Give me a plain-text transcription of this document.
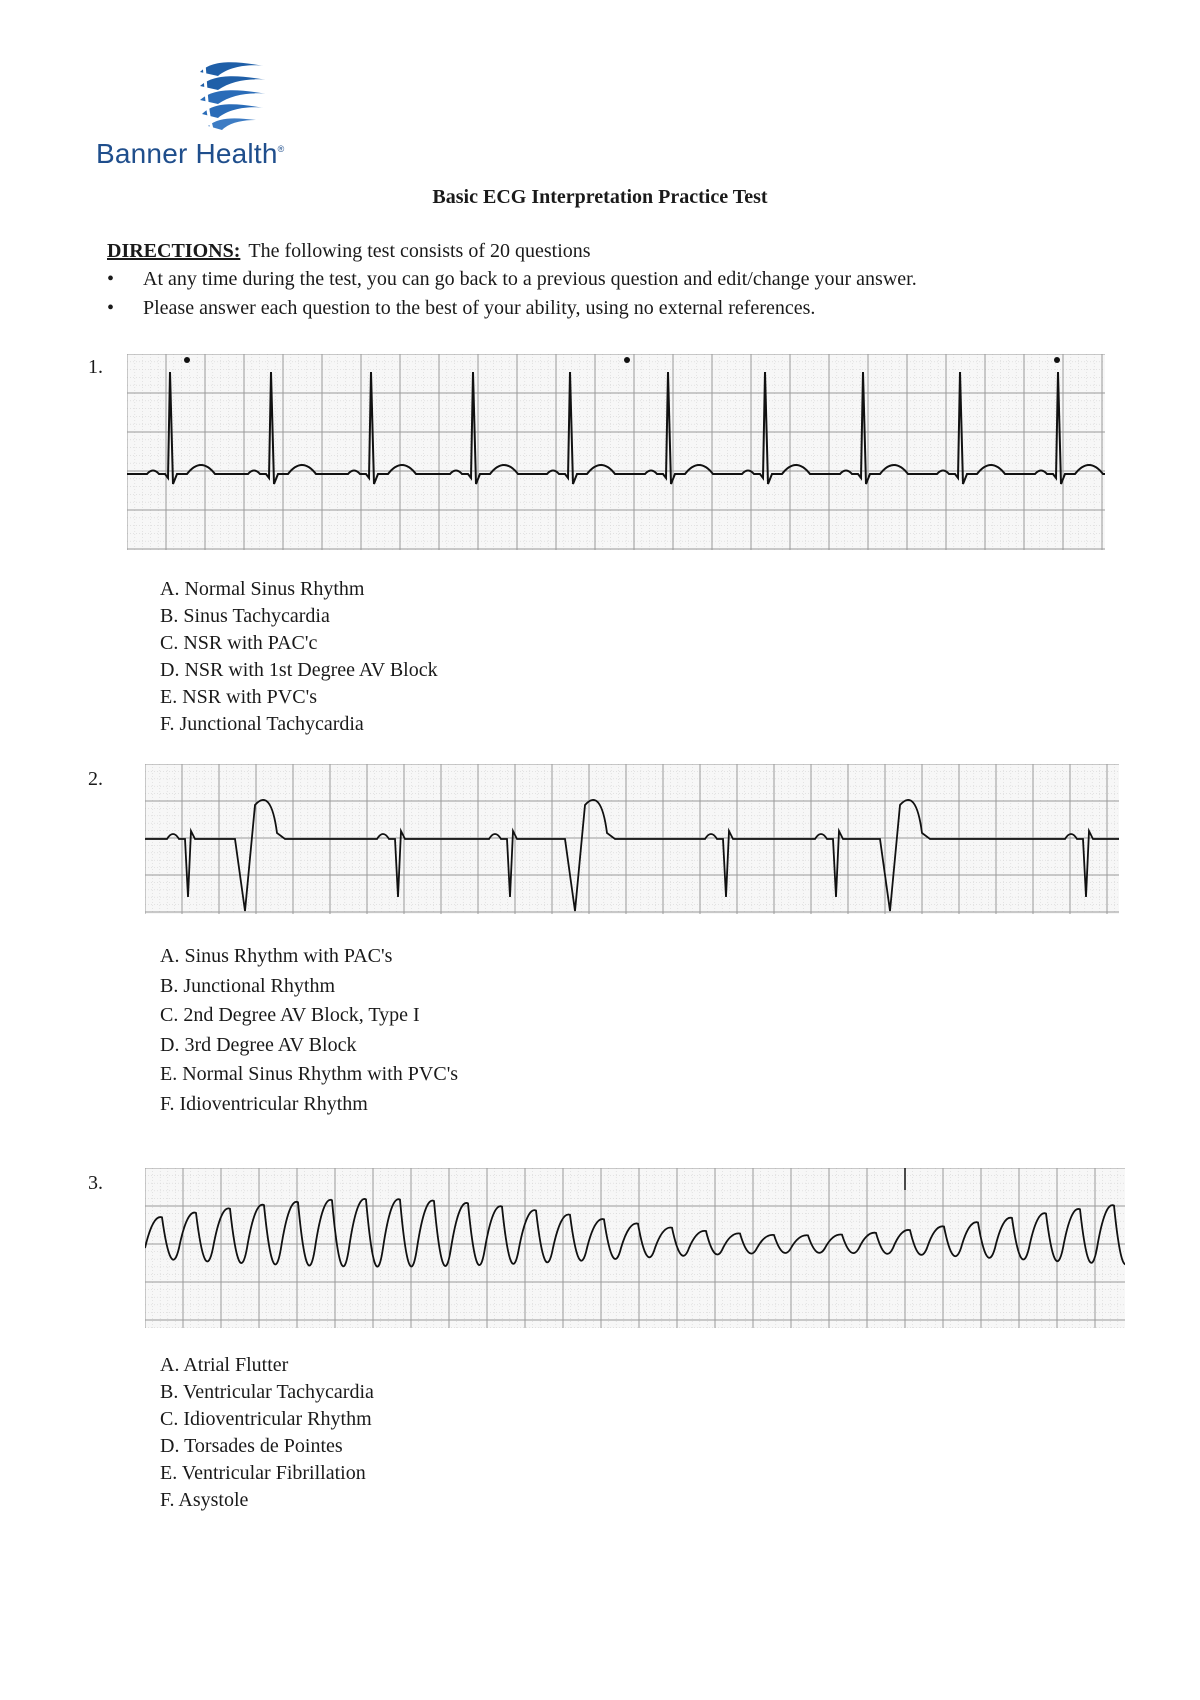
Banner Health®
Basic ECG Interpretation Practice Test
DIRECTIONS: The following test consists of 20 questions
• At any time during the test, you can go back to a previous question and edit/change your answer.
• Please answer each question to the best of your ability, using no external references.
1.
A. Normal Sinus Rhythm
B. Sinus Tachycardia
C. NSR with PAC'c
D. NSR with 1st Degree AV Block
E. NSR with PVC's
F. Junctional Tachycardia
2.
A. Sinus Rhythm with PAC's
B. Junctional Rhythm
C. 2nd Degree AV Block, Type I
D. 3rd Degree AV Block
E. Normal Sinus Rhythm with PVC's
F. Idioventricular Rhythm
3.
A. Atrial Flutter
B. Ventricular Tachycardia
C. Idioventricular Rhythm
D. Torsades de Pointes
E. Ventricular Fibrillation
F. Asystole
